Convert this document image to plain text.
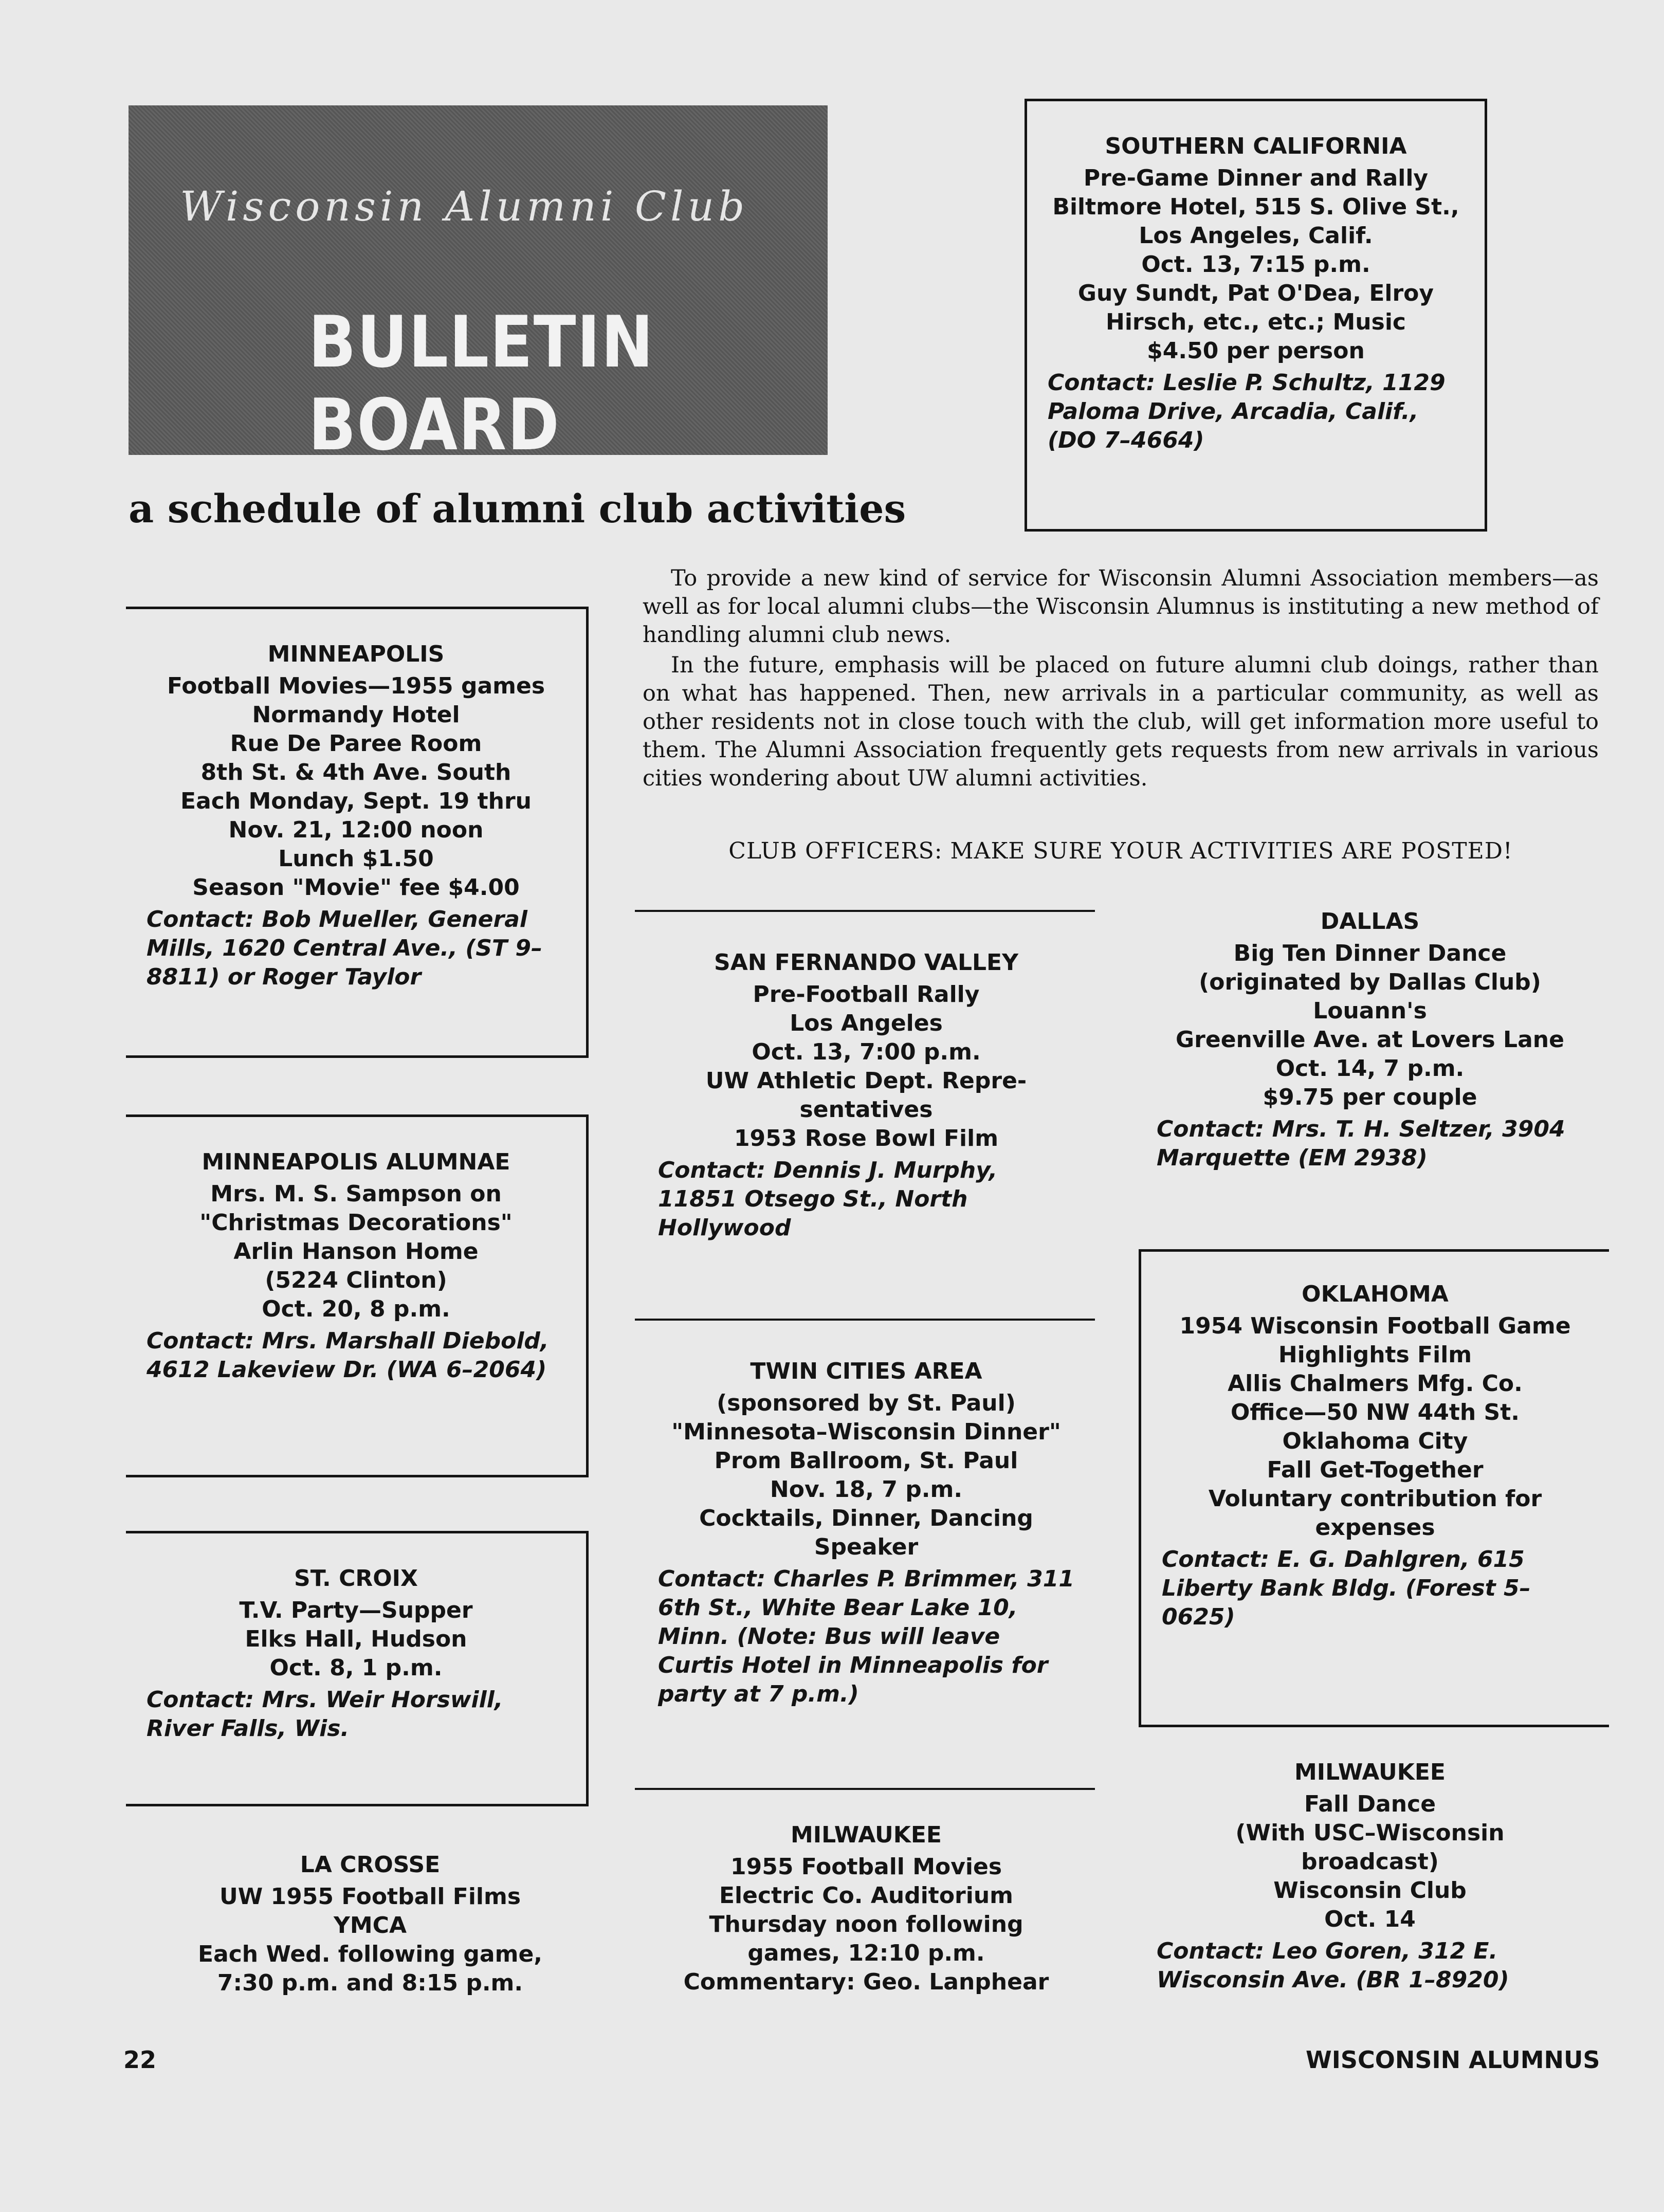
Wisconsin Alumni Club
BULLETIN BOARD
a schedule of alumni club activities
SOUTHERN CALIFORNIA
Pre-Game Dinner and Rally
Biltmore Hotel, 515 S. Olive St.,
Los Angeles, Calif.
Oct. 13, 7:15 p.m.
Guy Sundt, Pat O'Dea, Elroy
Hirsch, etc., etc.; Music
$4.50 per person
Contact: Leslie P. Schultz, 1129 Paloma Drive, Arcadia, Calif., (DO 7–4664)

To provide a new kind of service for Wisconsin Alumni Association members—as well as for local alumni clubs—the Wisconsin Alumnus is instituting a new method of handling alumni club news.

In the future, emphasis will be placed on future alumni club doings, rather than on what has happened. Then, new arrivals in a particular community, as well as other residents not in close touch with the club, will get information more useful to them. The Alumni Association frequently gets requests from new arrivals in various cities wondering about UW alumni activities.

CLUB OFFICERS: MAKE SURE YOUR ACTIVITIES ARE POSTED!
MINNEAPOLIS
Football Movies—1955 games
Normandy Hotel
Rue De Paree Room
8th St. & 4th Ave. South
Each Monday, Sept. 19 thru
Nov. 21, 12:00 noon
Lunch $1.50
Season "Movie" fee $4.00
Contact: Bob Mueller, General Mills, 1620 Central Ave., (ST 9–8811) or Roger Taylor
MINNEAPOLIS ALUMNAE
Mrs. M. S. Sampson on
"Christmas Decorations"
Arlin Hanson Home
(5224 Clinton)
Oct. 20, 8 p.m.
Contact: Mrs. Marshall Diebold, 4612 Lakeview Dr. (WA 6–2064)
ST. CROIX
T.V. Party—Supper
Elks Hall, Hudson
Oct. 8, 1 p.m.
Contact: Mrs. Weir Horswill, River Falls, Wis.
LA CROSSE
UW 1955 Football Films
YMCA
Each Wed. following game,
7:30 p.m. and 8:15 p.m.
SAN FERNANDO VALLEY
Pre-Football Rally
Los Angeles
Oct. 13, 7:00 p.m.
UW Athletic Dept. Repre-
sentatives
1953 Rose Bowl Film
Contact: Dennis J. Murphy, 11851 Otsego St., North Hollywood
TWIN CITIES AREA
(sponsored by St. Paul)
"Minnesota–Wisconsin Dinner"
Prom Ballroom, St. Paul
Nov. 18, 7 p.m.
Cocktails, Dinner, Dancing
Speaker
Contact: Charles P. Brimmer, 311 6th St., White Bear Lake 10, Minn. (Note: Bus will leave Curtis Hotel in Minneapolis for party at 7 p.m.)
MILWAUKEE
1955 Football Movies
Electric Co. Auditorium
Thursday noon following
games, 12:10 p.m.
Commentary: Geo. Lanphear
DALLAS
Big Ten Dinner Dance
(originated by Dallas Club)
Louann's
Greenville Ave. at Lovers Lane
Oct. 14, 7 p.m.
$9.75 per couple
Contact: Mrs. T. H. Seltzer, 3904 Marquette (EM 2938)
OKLAHOMA
1954 Wisconsin Football Game
Highlights Film
Allis Chalmers Mfg. Co.
Office—50 NW 44th St.
Oklahoma City
Fall Get-Together
Voluntary contribution for
expenses
Contact: E. G. Dahlgren, 615 Liberty Bank Bldg. (Forest 5–0625)
MILWAUKEE
Fall Dance
(With USC–Wisconsin
broadcast)
Wisconsin Club
Oct. 14
Contact: Leo Goren, 312 E. Wisconsin Ave. (BR 1–8920)
22	WISCONSIN ALUMNUS
